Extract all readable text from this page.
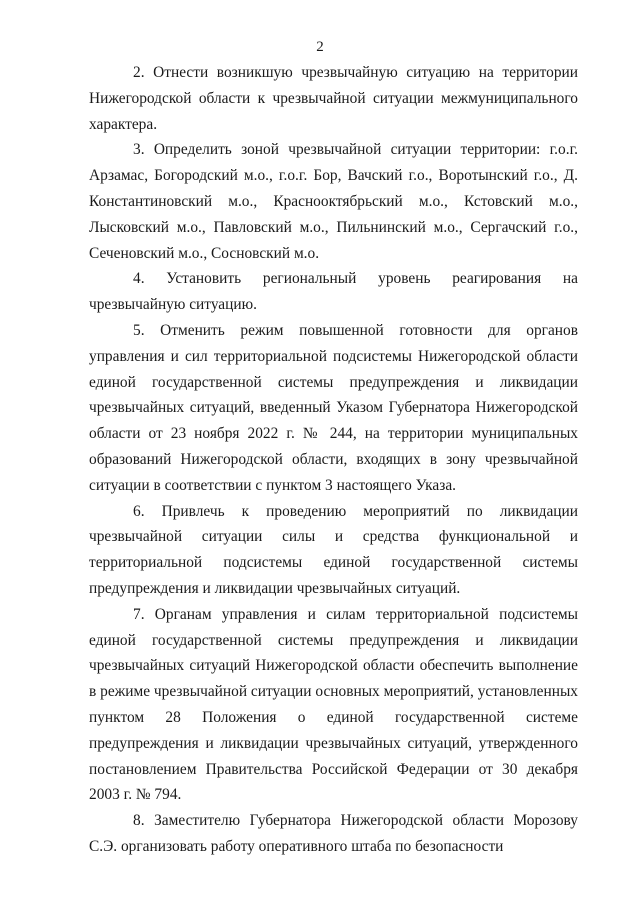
2

2. Отнести возникшую чрезвычайную ситуацию на территории Нижегородской области к чрезвычайной ситуации межмуниципального характера.

3. Определить зоной чрезвычайной ситуации территории: г.о.г. Арзамас, Богородский м.о., г.о.г. Бор, Вачский г.о., Воротынский г.о., Д. Константиновский м.о., Краснооктябрьский м.о., Кстовский м.о., Лысковский м.о., Павловский м.о., Пильнинский м.о., Сергачский г.о., Сеченовский м.о., Сосновский м.о.

4. Установить региональный уровень реагирования на чрезвычайную ситуацию.

5. Отменить режим повышенной готовности для органов управления и сил территориальной подсистемы Нижегородской области единой государственной системы предупреждения и ликвидации чрезвычайных ситуаций, введенный Указом Губернатора Нижегородской области от 23 ноября 2022 г. № 244, на территории муниципальных образований Нижегородской области, входящих в зону чрезвычайной ситуации в соответствии с пунктом 3 настоящего Указа.

6. Привлечь к проведению мероприятий по ликвидации чрезвычайной ситуации силы и средства функциональной и территориальной подсистемы единой государственной системы предупреждения и ликвидации чрезвычайных ситуаций.

7. Органам управления и силам территориальной подсистемы единой государственной системы предупреждения и ликвидации чрезвычайных ситуаций Нижегородской области обеспечить выполнение в режиме чрезвычайной ситуации основных мероприятий, установленных пунктом 28 Положения о единой государственной системе предупреждения и ликвидации чрезвычайных ситуаций, утвержденного постановлением Правительства Российской Федерации от 30 декабря 2003 г. № 794.

8. Заместителю Губернатора Нижегородской области Морозову С.Э. организовать работу оперативного штаба по безопасности
